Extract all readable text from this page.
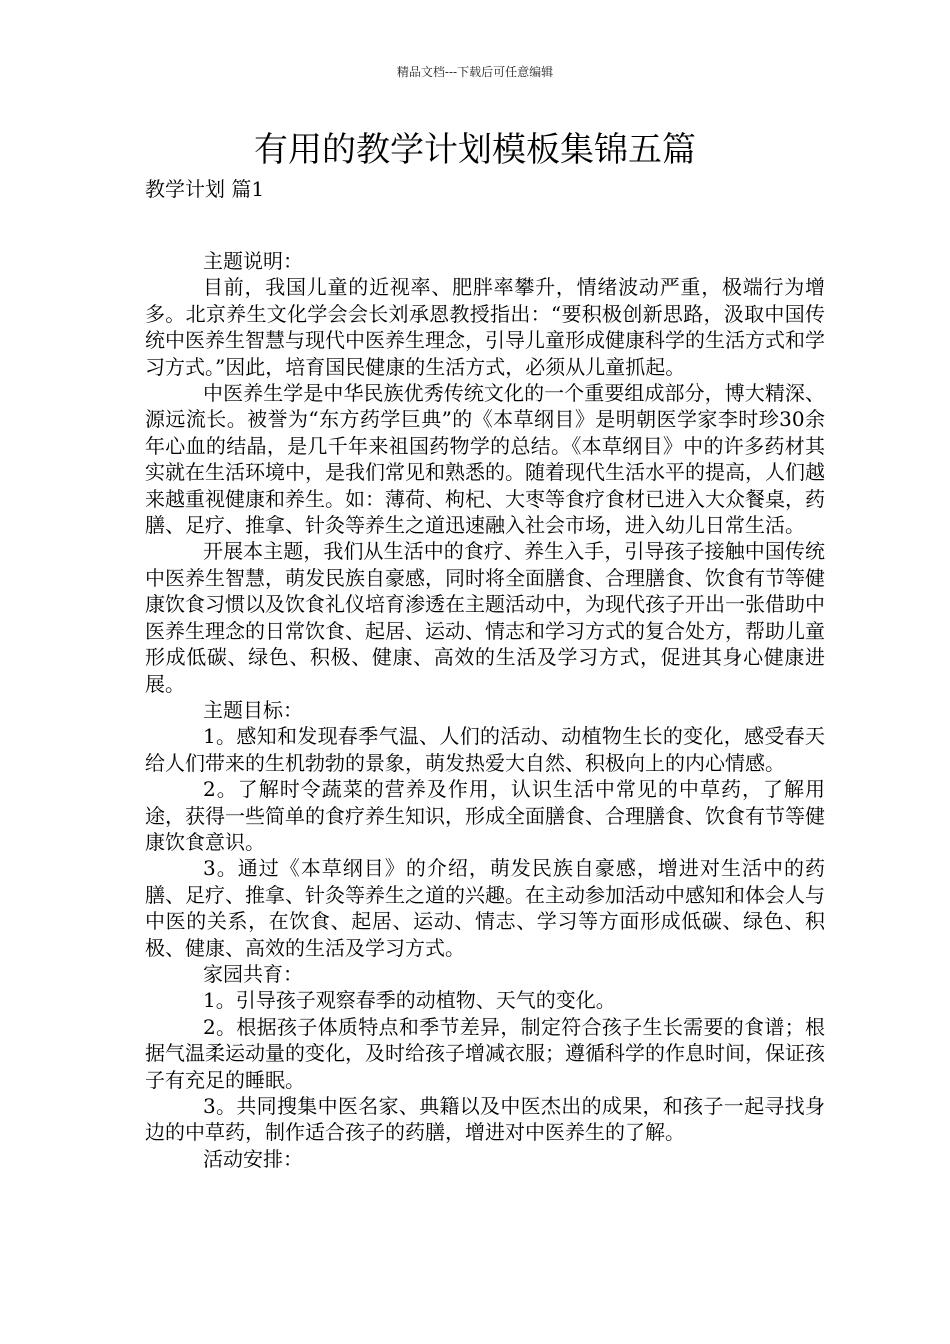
精品文档---下载后可任意编辑
有用的教学计划模板集锦五篇
教学计划 篇1

主题说明：

目前，我国儿童的近视率、肥胖率攀升，情绪波动严重，极端行为增多。北京养生文化学会会长刘承恩教授指出：“要积极创新思路，汲取中国传统中医养生智慧与现代中医养生理念，引导儿童形成健康科学的生活方式和学习方式。”因此，培育国民健康的生活方式，必须从儿童抓起。

中医养生学是中华民族优秀传统文化的一个重要组成部分，博大精深、源远流长。被誉为“东方药学巨典”的《本草纲目》是明朝医学家李时珍30余年心血的结晶，是几千年来祖国药物学的总结。《本草纲目》中的许多药材其实就在生活环境中，是我们常见和熟悉的。随着现代生活水平的提高，人们越来越重视健康和养生。如：薄荷、枸杞、大枣等食疗食材已进入大众餐桌，药膳、足疗、推拿、针灸等养生之道迅速融入社会市场，进入幼儿日常生活。

开展本主题，我们从生活中的食疗、养生入手，引导孩子接触中国传统中医养生智慧，萌发民族自豪感，同时将全面膳食、合理膳食、饮食有节等健康饮食习惯以及饮食礼仪培育渗透在主题活动中，为现代孩子开出一张借助中医养生理念的日常饮食、起居、运动、情志和学习方式的复合处方，帮助儿童形成低碳、绿色、积极、健康、高效的生活及学习方式，促进其身心健康进展。

主题目标：

1。感知和发现春季气温、人们的活动、动植物生长的变化，感受春天给人们带来的生机勃勃的景象，萌发热爱大自然、积极向上的内心情感。

2。了解时令蔬菜的营养及作用，认识生活中常见的中草药，了解用途，获得一些简单的食疗养生知识，形成全面膳食、合理膳食、饮食有节等健康饮食意识。

3。通过《本草纲目》的介绍，萌发民族自豪感，增进对生活中的药膳、足疗、推拿、针灸等养生之道的兴趣。在主动参加活动中感知和体会人与中医的关系，在饮食、起居、运动、情志、学习等方面形成低碳、绿色、积极、健康、高效的生活及学习方式。

家园共育：

1。引导孩子观察春季的动植物、天气的变化。

2。根据孩子体质特点和季节差异，制定符合孩子生长需要的食谱；根据气温柔运动量的变化，及时给孩子增减衣服；遵循科学的作息时间，保证孩子有充足的睡眠。

3。共同搜集中医名家、典籍以及中医杰出的成果，和孩子一起寻找身边的中草药，制作适合孩子的药膳，增进对中医养生的了解。

活动安排：
